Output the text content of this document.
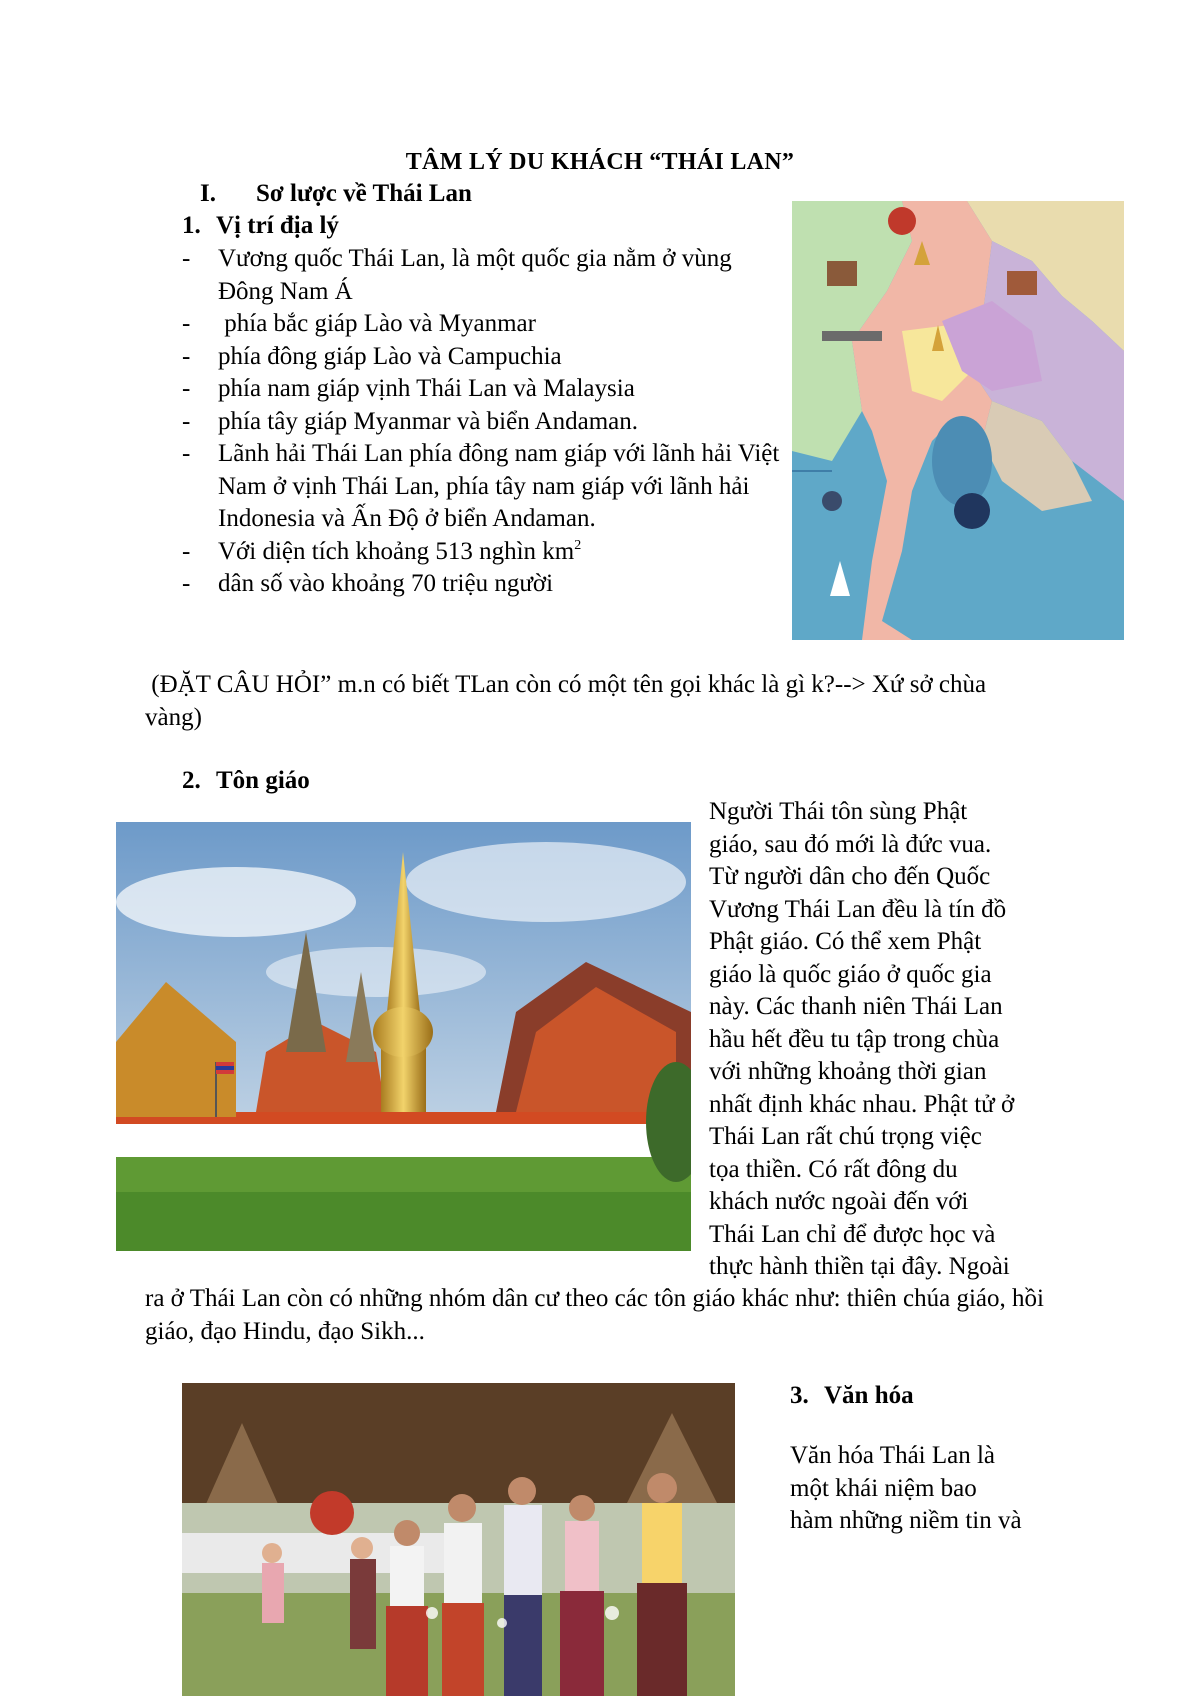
TÂM LÝ DU KHÁCH “THÁI LAN”
I. Sơ lược về Thái Lan
1. Vị trí địa lý
- Vương quốc Thái Lan, là một quốc gia nằm ở vùng Đông Nam Á
- phía bắc giáp Lào và Myanmar
- phía đông giáp Lào và Campuchia
- phía nam giáp vịnh Thái Lan và Malaysia
- phía tây giáp Myanmar và biển Andaman.
- Lãnh hải Thái Lan phía đông nam giáp với lãnh hải Việt Nam ở vịnh Thái Lan, phía tây nam giáp với lãnh hải Indonesia và Ấn Độ ở biển Andaman.
- Với diện tích khoảng 513 nghìn $km^2$
- dân số vào khoảng 70 triệu người
(ĐẶT CÂU HỎI” m.n có biết TLan còn có một tên gọi khác là gì k?--> Xứ sở chùa vàng)
2. Tôn giáo
Người Thái tôn sùng Phật
giáo, sau đó mới là đức vua.
Từ người dân cho đến Quốc
Vương Thái Lan đều là tín đồ
Phật giáo. Có thể xem Phật
giáo là quốc giáo ở quốc gia
này. Các thanh niên Thái Lan
hầu hết đều tu tập trong chùa
với những khoảng thời gian
nhất định khác nhau. Phật tử ở
Thái Lan rất chú trọng việc
tọa thiền. Có rất đông du
khách nước ngoài đến với
Thái Lan chỉ để được học và
thực hành thiền tại đây. Ngoài
ra ở Thái Lan còn có những nhóm dân cư theo các tôn giáo khác như: thiên chúa giáo, hồi giáo, đạo Hindu, đạo Sikh...
3. Văn hóa
Văn hóa Thái Lan là
một khái niệm bao
hàm những niềm tin và
